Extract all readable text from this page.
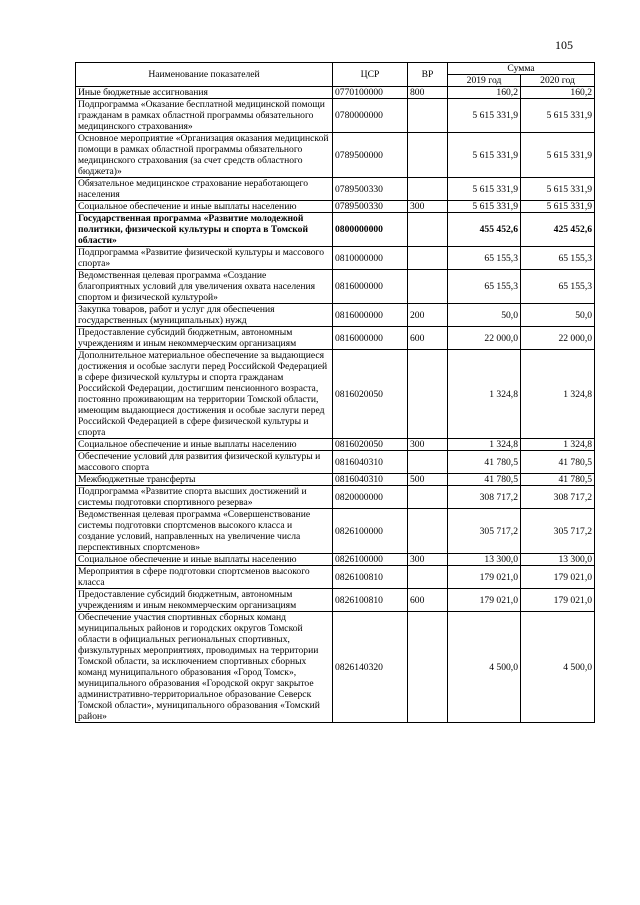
105
Наименование показателей	ЦСР	ВР	Сумма	
			2019 год	2020 год
Иные бюджетные ассигнования	0770100000	800	160,2	160,2
Подпрограмма «Оказание бесплатной медицинской помощи гражданам в рамках областной программы обязательного медицинского страхования»	0780000000		5 615 331,9	5 615 331,9
Основное мероприятие «Организация оказания медицинской помощи в рамках областной программы обязательного медицинского страхования (за счет средств областного бюджета)»	0789500000		5 615 331,9	5 615 331,9
Обязательное медицинское страхование неработающего населения	0789500330		5 615 331,9	5 615 331,9
Социальное обеспечение и иные выплаты населению	0789500330	300	5 615 331,9	5 615 331,9
Государственная программа «Развитие молодежной политики, физической культуры и спорта в Томской области»	0800000000		455 452,6	425 452,6
Подпрограмма «Развитие физической культуры и массового спорта»	0810000000		65 155,3	65 155,3
Ведомственная целевая программа «Создание благоприятных условий для увеличения охвата населения спортом и физической культурой»	0816000000		65 155,3	65 155,3
Закупка товаров, работ и услуг для обеспечения государственных (муниципальных) нужд	0816000000	200	50,0	50,0
Предоставление субсидий бюджетным, автономным учреждениям и иным некоммерческим организациям	0816000000	600	22 000,0	22 000,0
Дополнительное материальное обеспечение за выдающиеся достижения и особые заслуги перед Российской Федерацией в сфере физической культуры и спорта гражданам Российской Федерации, достигшим пенсионного возраста, постоянно проживающим на территории Томской области, имеющим выдающиеся достижения и особые заслуги перед Российской Федерацией в сфере физической культуры и спорта	0816020050		1 324,8	1 324,8
Социальное обеспечение и иные выплаты населению	0816020050	300	1 324,8	1 324,8
Обеспечение условий для развития физической культуры и массового спорта	0816040310		41 780,5	41 780,5
Межбюджетные трансферты	0816040310	500	41 780,5	41 780,5
Подпрограмма «Развитие спорта высших достижений и системы подготовки спортивного резерва»	0820000000		308 717,2	308 717,2
Ведомственная целевая программа «Совершенствование системы подготовки спортсменов высокого класса и создание условий, направленных на увеличение числа перспективных спортсменов»	0826100000		305 717,2	305 717,2
Социальное обеспечение и иные выплаты населению	0826100000	300	13 300,0	13 300,0
Мероприятия в сфере подготовки спортсменов высокого класса	0826100810		179 021,0	179 021,0
Предоставление субсидий бюджетным, автономным учреждениям и иным некоммерческим организациям	0826100810	600	179 021,0	179 021,0
Обеспечение участия спортивных сборных команд муниципальных районов и городских округов Томской области в официальных региональных спортивных, физкультурных мероприятиях, проводимых на территории Томской области, за исключением спортивных сборных команд муниципального образования «Город Томск», муниципального образования «Городской округ закрытое административно-территориальное образование Северск Томской области», муниципального образования «Томский район»	0826140320		4 500,0	4 500,0
